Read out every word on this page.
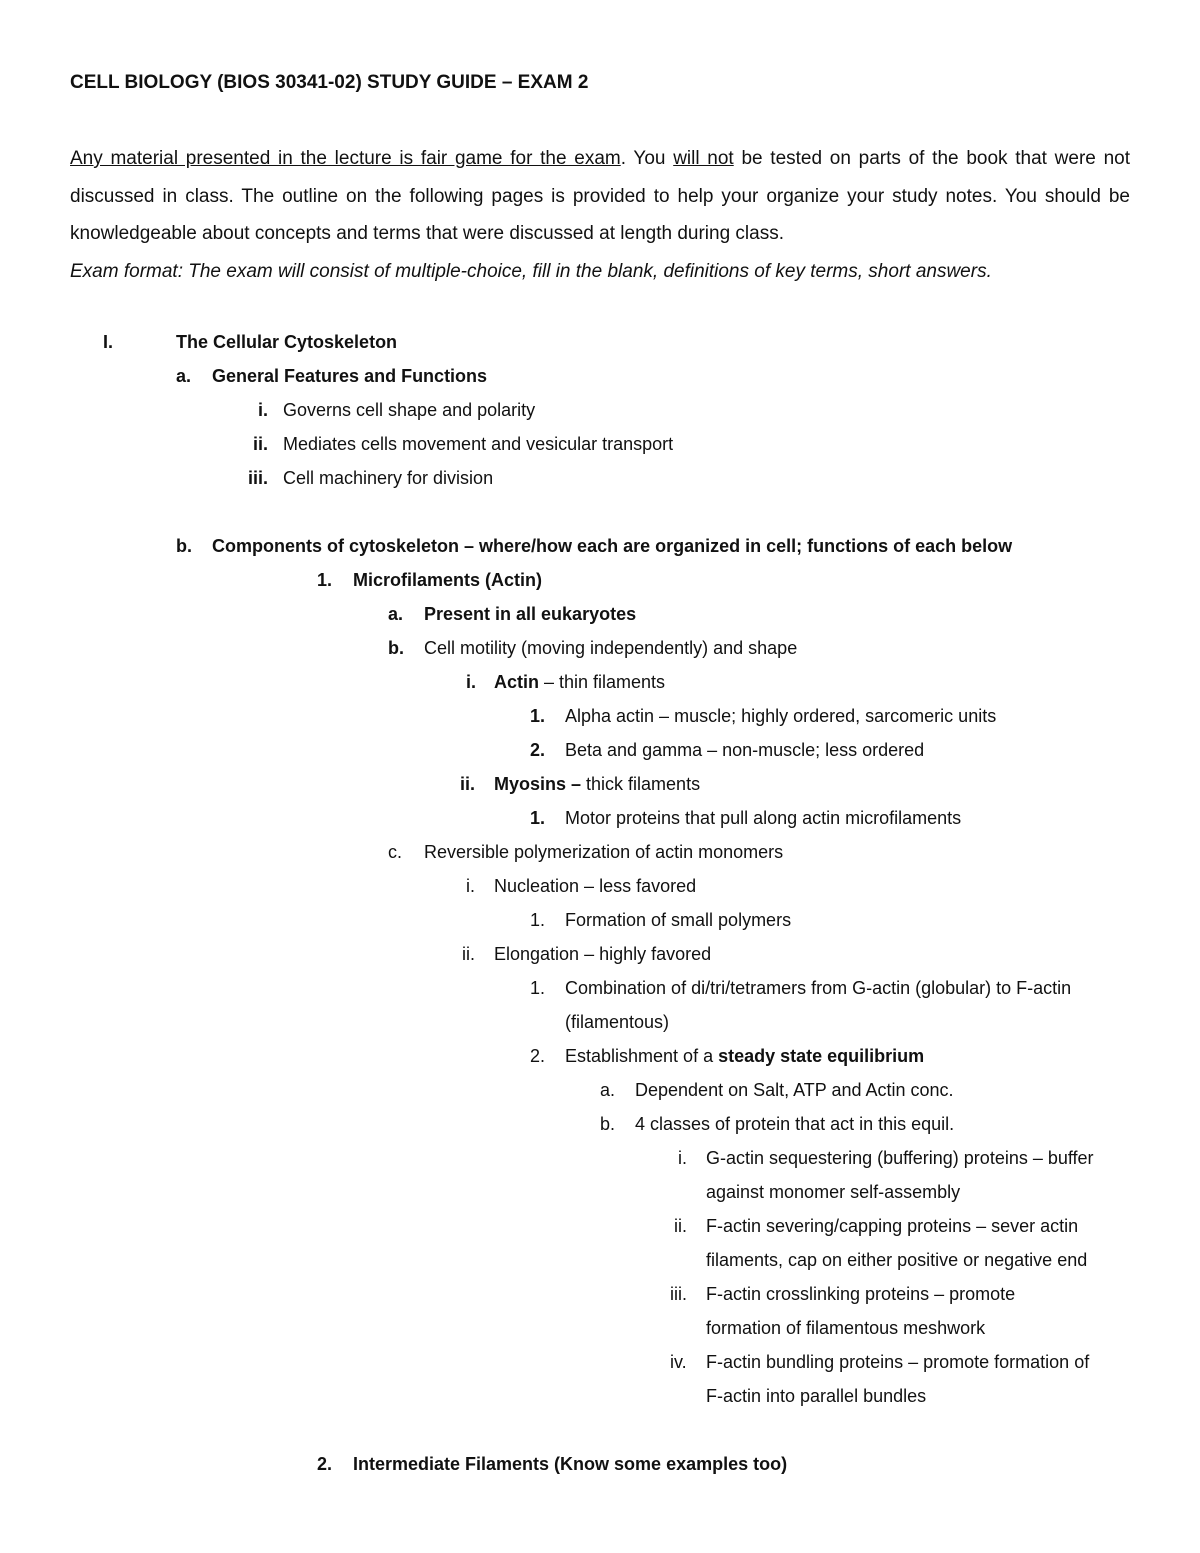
CELL BIOLOGY (BIOS 30341-02) STUDY GUIDE – EXAM 2
Any material presented in the lecture is fair game for the exam. You will not be tested on parts of the book that were not discussed in class. The outline on the following pages is provided to help your organize your study notes. You should be knowledgeable about concepts and terms that were discussed at length during class.
Exam format: The exam will consist of multiple-choice, fill in the blank, definitions of key terms, short answers.
I.	The Cellular Cytoskeleton
a. General Features and Functions
i. Governs cell shape and polarity
ii. Mediates cells movement and vesicular transport
iii. Cell machinery for division
b. Components of cytoskeleton – where/how each are organized in cell; functions of each below
1. Microfilaments (Actin)
a. Present in all eukaryotes
b. Cell motility (moving independently) and shape
i. Actin – thin filaments
1. Alpha actin – muscle; highly ordered, sarcomeric units
2. Beta and gamma – non-muscle; less ordered
ii. Myosins – thick filaments
1. Motor proteins that pull along actin microfilaments
c. Reversible polymerization of actin monomers
i. Nucleation – less favored
1. Formation of small polymers
ii. Elongation – highly favored
1. Combination of di/tri/tetramers from G-actin (globular) to F-actin
(filamentous)
2. Establishment of a steady state equilibrium
a. Dependent on Salt, ATP and Actin conc.
b. 4 classes of protein that act in this equil.
i. G-actin sequestering (buffering) proteins – buffer
against monomer self-assembly
ii. F-actin severing/capping proteins – sever actin
filaments, cap on either positive or negative end
iii. F-actin crosslinking proteins – promote
formation of filamentous meshwork
iv. F-actin bundling proteins – promote formation of
F-actin into parallel bundles
2. Intermediate Filaments (Know some examples too)
